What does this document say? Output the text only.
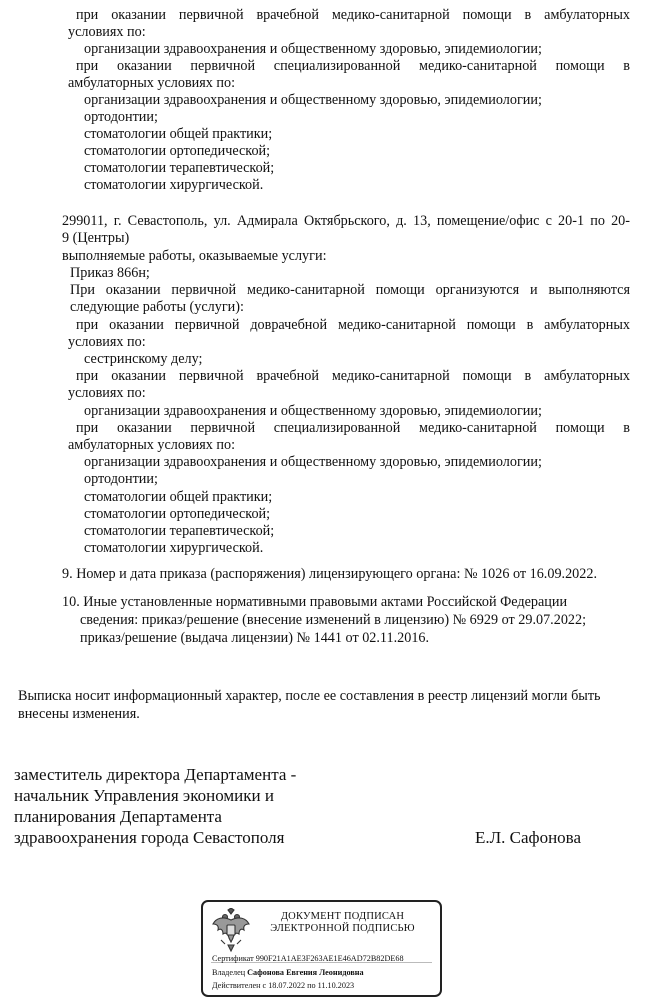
при оказании первичной врачебной медико-санитарной помощи в амбулаторных
условиях по:
организации здравоохранения и общественному здоровью, эпидемиологии;
при оказании первичной специализированной медико-санитарной помощи в
амбулаторных условиях по:
организации здравоохранения и общественному здоровью, эпидемиологии;
ортодонтии;
стоматологии общей практики;
стоматологии ортопедической;
стоматологии терапевтической;
стоматологии хирургической.
299011, г. Севастополь, ул. Адмирала Октябрьского, д. 13, помещение/офис с 20-1 по 20-
9 (Центры)
выполняемые работы, оказываемые услуги:
Приказ 866н;
При оказании первичной медико-санитарной помощи организуются и выполняются
следующие работы (услуги):
при оказании первичной доврачебной медико-санитарной помощи в амбулаторных
условиях по:
сестринскому делу;
при оказании первичной врачебной медико-санитарной помощи в амбулаторных
условиях по:
организации здравоохранения и общественному здоровью, эпидемиологии;
при оказании первичной специализированной медико-санитарной помощи в
амбулаторных условиях по:
организации здравоохранения и общественному здоровью, эпидемиологии;
ортодонтии;
стоматологии общей практики;
стоматологии ортопедической;
стоматологии терапевтической;
стоматологии хирургической.
9. Номер и дата приказа (распоряжения) лицензирующего органа: № 1026 от 16.09.2022.
10. Иные установленные нормативными правовыми актами Российской Федерации
сведения: приказ/решение (внесение изменений в лицензию) № 6929 от 29.07.2022;
приказ/решение (выдача лицензии) № 1441 от 02.11.2016.
Выписка носит информационный характер, после ее составления в реестр лицензий могли быть
внесены изменения.
заместитель директора Департамента -
начальник Управления экономики и
планирования Департамента
здравоохранения города Севастополя	Е.Л. Сафонова
ДОКУМЕНТ ПОДПИСАН
ЭЛЕКТРОННОЙ ПОДПИСЬЮ
Сертификат 990F21A1AE3F263AE1E46AD72B82DE68
Владелец Сафонова Евгения Леонидовна
Действителен с 18.07.2022 по 11.10.2023
